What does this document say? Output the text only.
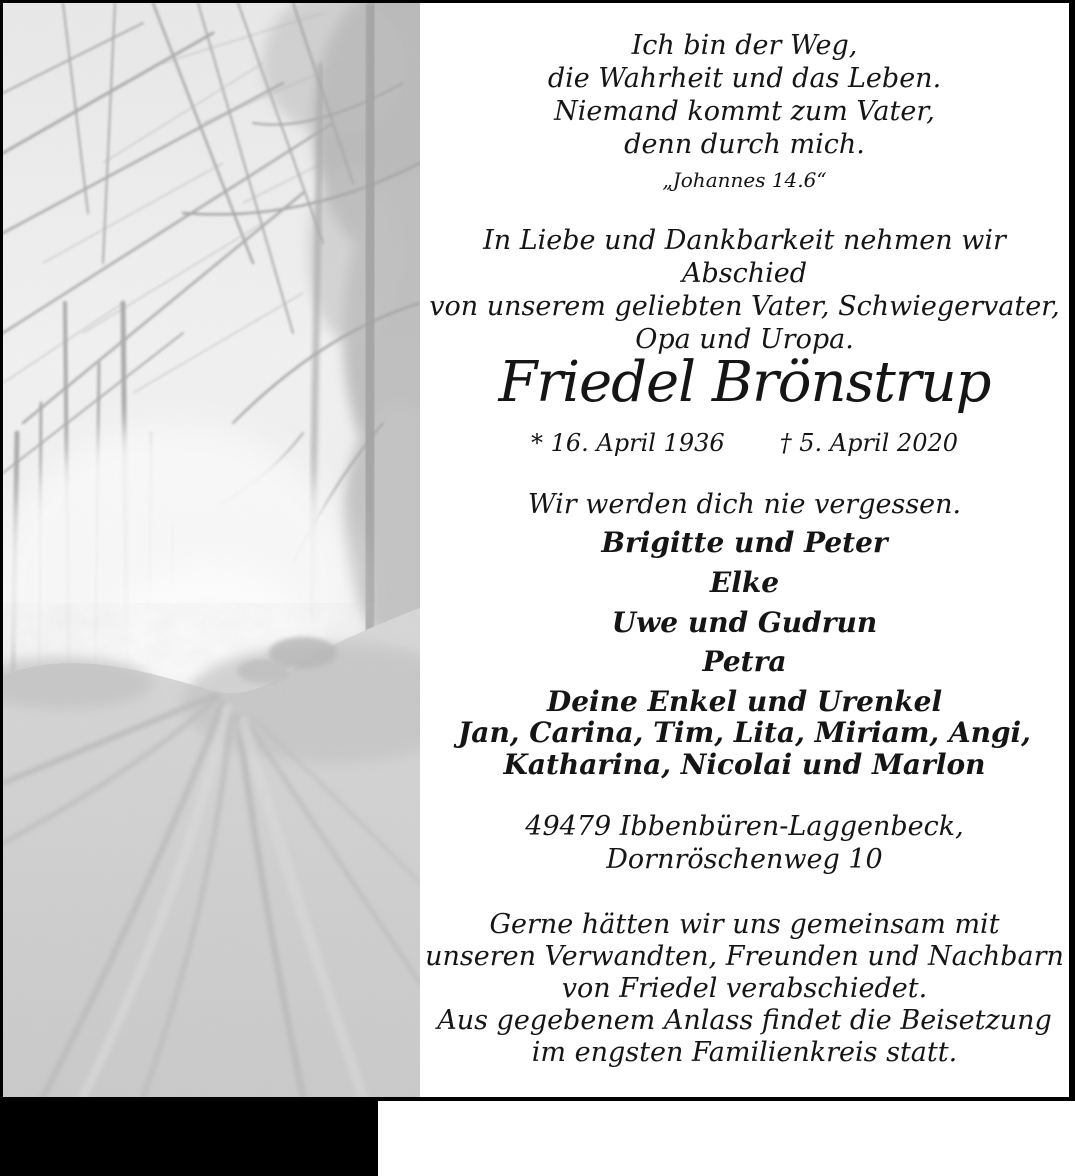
Ich bin der Weg,
die Wahrheit und das Leben.
Niemand kommt zum Vater,
denn durch mich.
„Johannes 14.6“
In Liebe und Dankbarkeit nehmen wir Abschied
von unserem geliebten Vater, Schwiegervater,
Opa und Uropa.
Friedel Brönstrup
* 16. April 1936 † 5. April 2020
Wir werden dich nie vergessen.
Brigitte und Peter
Elke
Uwe und Gudrun
Petra
Deine Enkel und Urenkel
Jan, Carina, Tim, Lita, Miriam, Angi,
Katharina, Nicolai und Marlon
49479 Ibbenbüren-Laggenbeck,
Dornröschenweg 10
Gerne hätten wir uns gemeinsam mit
unseren Verwandten, Freunden und Nachbarn
von Friedel verabschiedet.
Aus gegebenem Anlass findet die Beisetzung
im engsten Familienkreis statt.
